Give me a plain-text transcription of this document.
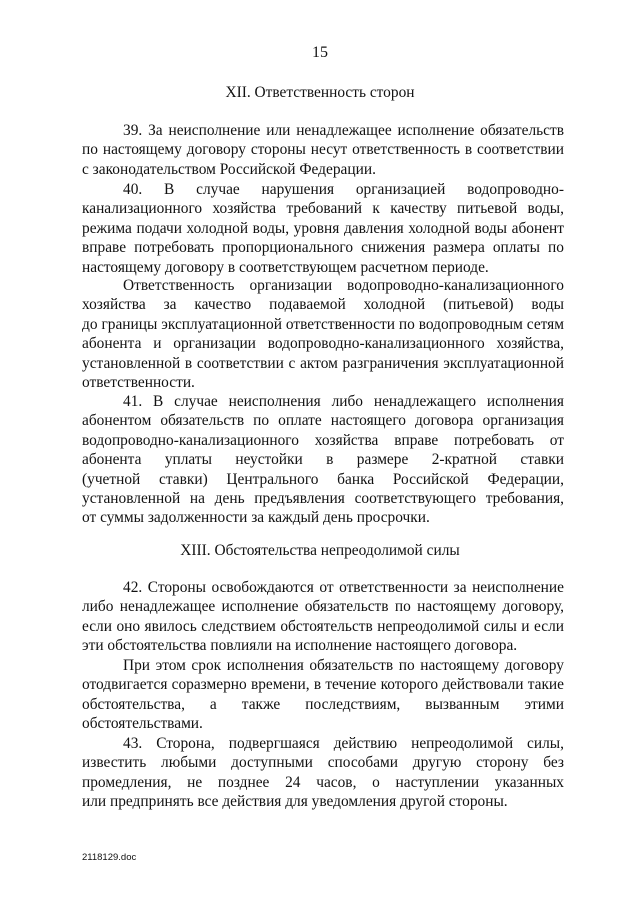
15
XII. Ответственность сторон
39. За неисполнение или ненадлежащее исполнение обязательств
по настоящему договору стороны несут ответственность в соответствии
с законодательством Российской Федерации.
40. В случае нарушения организацией водопроводно-
канализационного хозяйства требований к качеству питьевой воды,
режима подачи холодной воды, уровня давления холодной воды абонент
вправе потребовать пропорционального снижения размера оплаты по
настоящему договору в соответствующем расчетном периоде.
Ответственность организации водопроводно-канализационного
хозяйства за качество подаваемой холодной (питьевой) воды
до границы эксплуатационной ответственности по водопроводным сетям
абонента и организации водопроводно-канализационного хозяйства,
установленной в соответствии с актом разграничения эксплуатационной
ответственности.
41. В случае неисполнения либо ненадлежащего исполнения
абонентом обязательств по оплате настоящего договора организация
водопроводно-канализационного хозяйства вправе потребовать от
абонента уплаты неустойки в размере 2-кратной ставки
(учетной ставки) Центрального банка Российской Федерации,
установленной на день предъявления соответствующего требования,
от суммы задолженности за каждый день просрочки.
XIII. Обстоятельства непреодолимой силы
42. Стороны освобождаются от ответственности за неисполнение
либо ненадлежащее исполнение обязательств по настоящему договору,
если оно явилось следствием обстоятельств непреодолимой силы и если
эти обстоятельства повлияли на исполнение настоящего договора.
При этом срок исполнения обязательств по настоящему договору
отодвигается соразмерно времени, в течение которого действовали такие
обстоятельства, а также последствиям, вызванным этими
обстоятельствами.
43. Сторона, подвергшаяся действию непреодолимой силы,
известить любыми доступными способами другую сторону без
промедления, не позднее 24 часов, о наступлении указанных
или предпринять все действия для уведомления другой стороны.
2118129.doc
